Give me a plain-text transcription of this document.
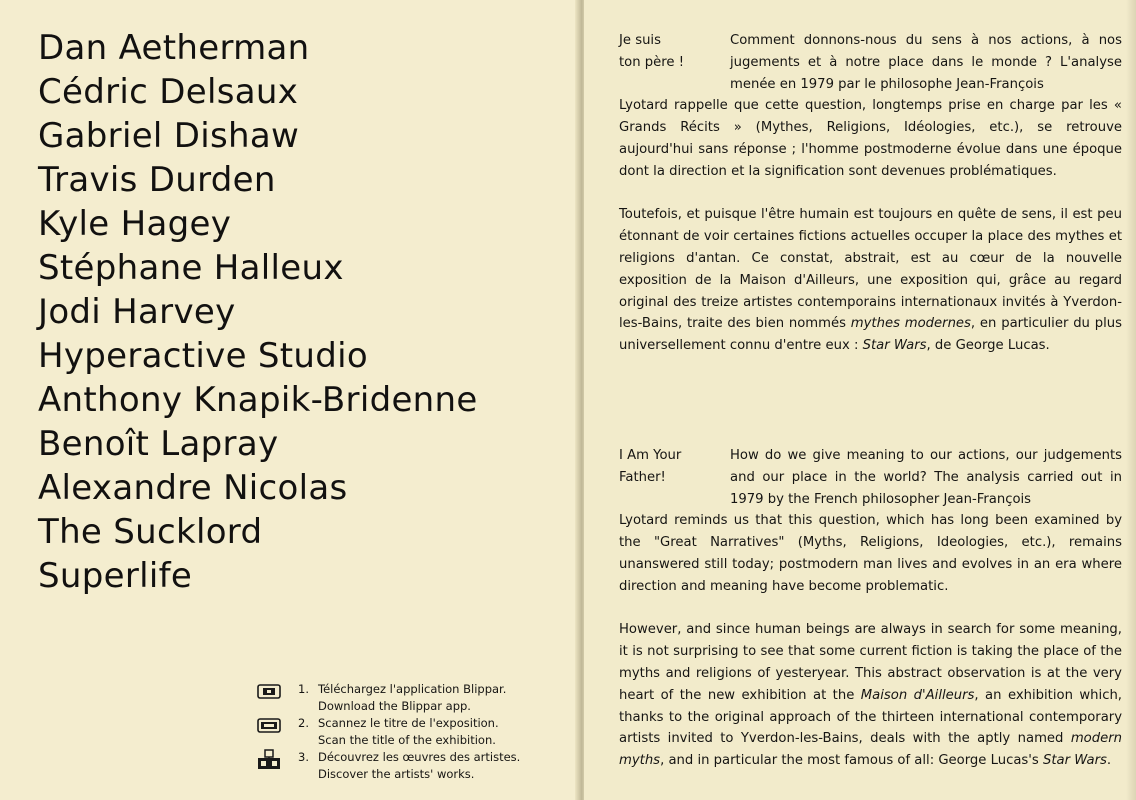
Dan Aetherman
Cédric Delsaux
Gabriel Dishaw
Travis Durden
Kyle Hagey
Stéphane Halleux
Jodi Harvey
Hyperactive Studio
Anthony Knapik-Bridenne
Benoît Lapray
Alexandre Nicolas
The Sucklord
Superlife
1. Téléchargez l'application Blippar.
Download the Blippar app.
2. Scannez le titre de l'exposition.
Scan the title of the exhibition.
3. Découvrez les œuvres des artistes.
Discover the artists' works.
Je suis
ton père !

Comment donnons-nous du sens à nos actions, à nos jugements et à notre place dans le monde ? L'analyse menée en 1979 par le philosophe Jean-François

Lyotard rappelle que cette question, longtemps prise en charge par les « Grands Récits » (Mythes, Religions, Idéologies, etc.), se retrouve aujourd'hui sans réponse ; l'homme postmoderne évolue dans une époque dont la direction et la signification sont devenues problématiques.

Toutefois, et puisque l'être humain est toujours en quête de sens, il est peu étonnant de voir certaines fictions actuelles occuper la place des mythes et religions d'antan. Ce constat, abstrait, est au cœur de la nouvelle exposition de la Maison d'Ailleurs, une exposition qui, grâce au regard original des treize artistes contemporains internationaux invités à Yverdon-les-Bains, traite des bien nommés mythes modernes, en particulier du plus universellement connu d'entre eux : Star Wars, de George Lucas.

I Am Your
Father!

How do we give meaning to our actions, our judgements and our place in the world? The analysis carried out in 1979 by the French philosopher Jean-François

Lyotard reminds us that this question, which has long been examined by the "Great Narratives" (Myths, Religions, Ideologies, etc.), remains unanswered still today; postmodern man lives and evolves in an era where direction and meaning have become problematic.

However, and since human beings are always in search for some meaning, it is not surprising to see that some current fiction is taking the place of the myths and religions of yesteryear. This abstract observation is at the very heart of the new exhibition at the Maison d'Ailleurs, an exhibition which, thanks to the original approach of the thirteen international contemporary artists invited to Yverdon-les-Bains, deals with the aptly named modern myths, and in particular the most famous of all: George Lucas's Star Wars.
